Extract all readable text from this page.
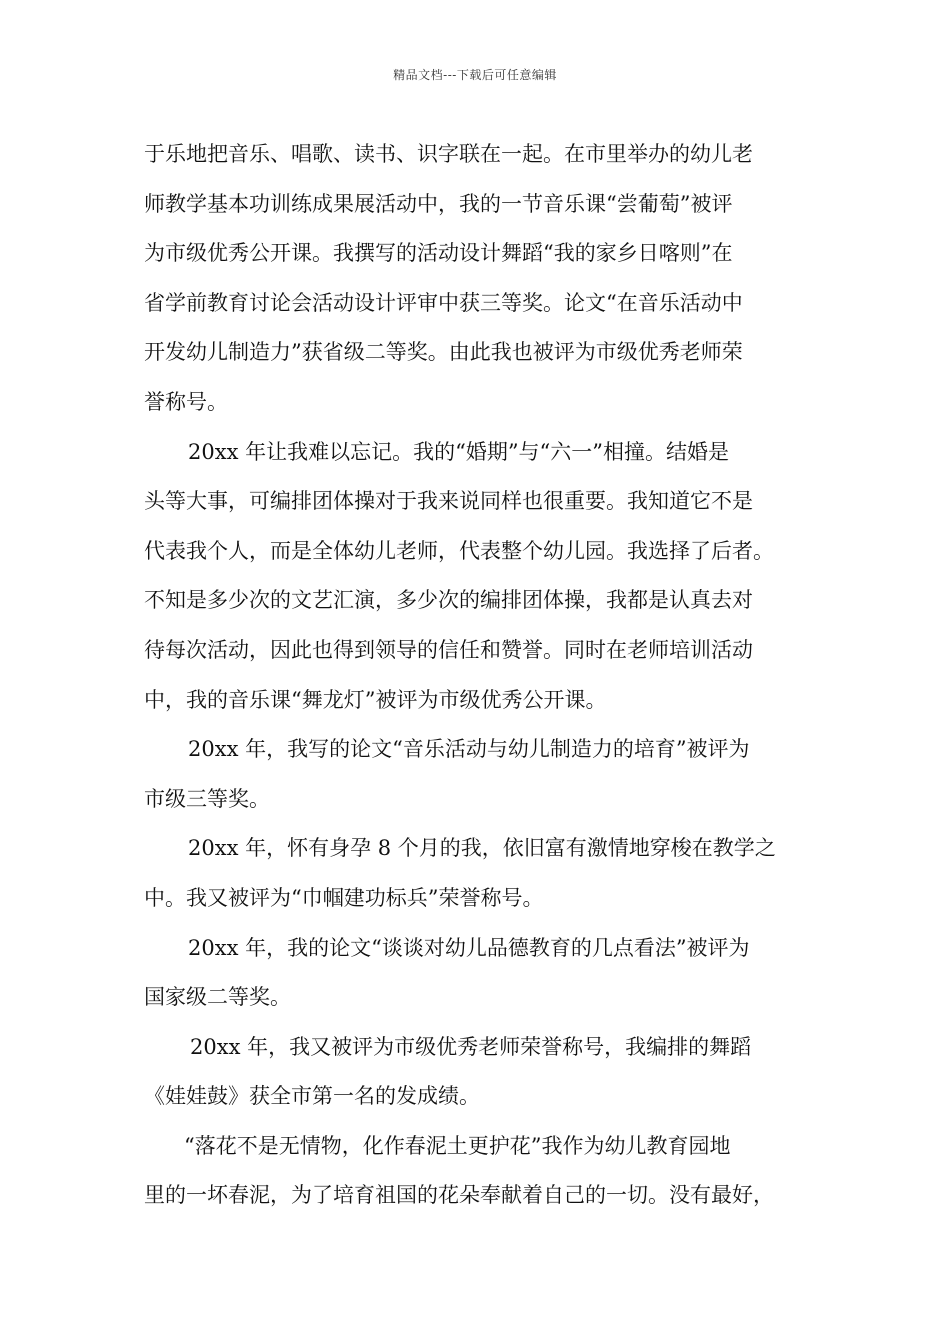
精品文档---下载后可任意编辑
于乐地把音乐、唱歌、读书、识字联在一起。在市里举办的幼儿老
师教学基本功训练成果展活动中，我的一节音乐课“尝葡萄”被评
为市级优秀公开课。我撰写的活动设计舞蹈“我的家乡日喀则”在
省学前教育讨论会活动设计评审中获三等奖。论文“在音乐活动中
开发幼儿制造力”获省级二等奖。由此我也被评为市级优秀老师荣
誉称号。
20xx 年让我难以忘记。我的“婚期”与“六一”相撞。结婚是
头等大事，可编排团体操对于我来说同样也很重要。我知道它不是
代表我个人，而是全体幼儿老师，代表整个幼儿园。我选择了后者。
不知是多少次的文艺汇演，多少次的编排团体操，我都是认真去对
待每次活动，因此也得到领导的信任和赞誉。同时在老师培训活动
中，我的音乐课“舞龙灯”被评为市级优秀公开课。
20xx 年，我写的论文“音乐活动与幼儿制造力的培育”被评为
市级三等奖。
20xx 年，怀有身孕 8 个月的我，依旧富有激情地穿梭在教学之
中。我又被评为“巾帼建功标兵”荣誉称号。
20xx 年，我的论文“谈谈对幼儿品德教育的几点看法”被评为
国家级二等奖。
20xx 年，我又被评为市级优秀老师荣誉称号，我编排的舞蹈
《娃娃鼓》获全市第一名的发成绩。
“落花不是无情物，化作春泥土更护花”我作为幼儿教育园地
里的一坏春泥，为了培育祖国的花朵奉献着自己的一切。没有最好，
